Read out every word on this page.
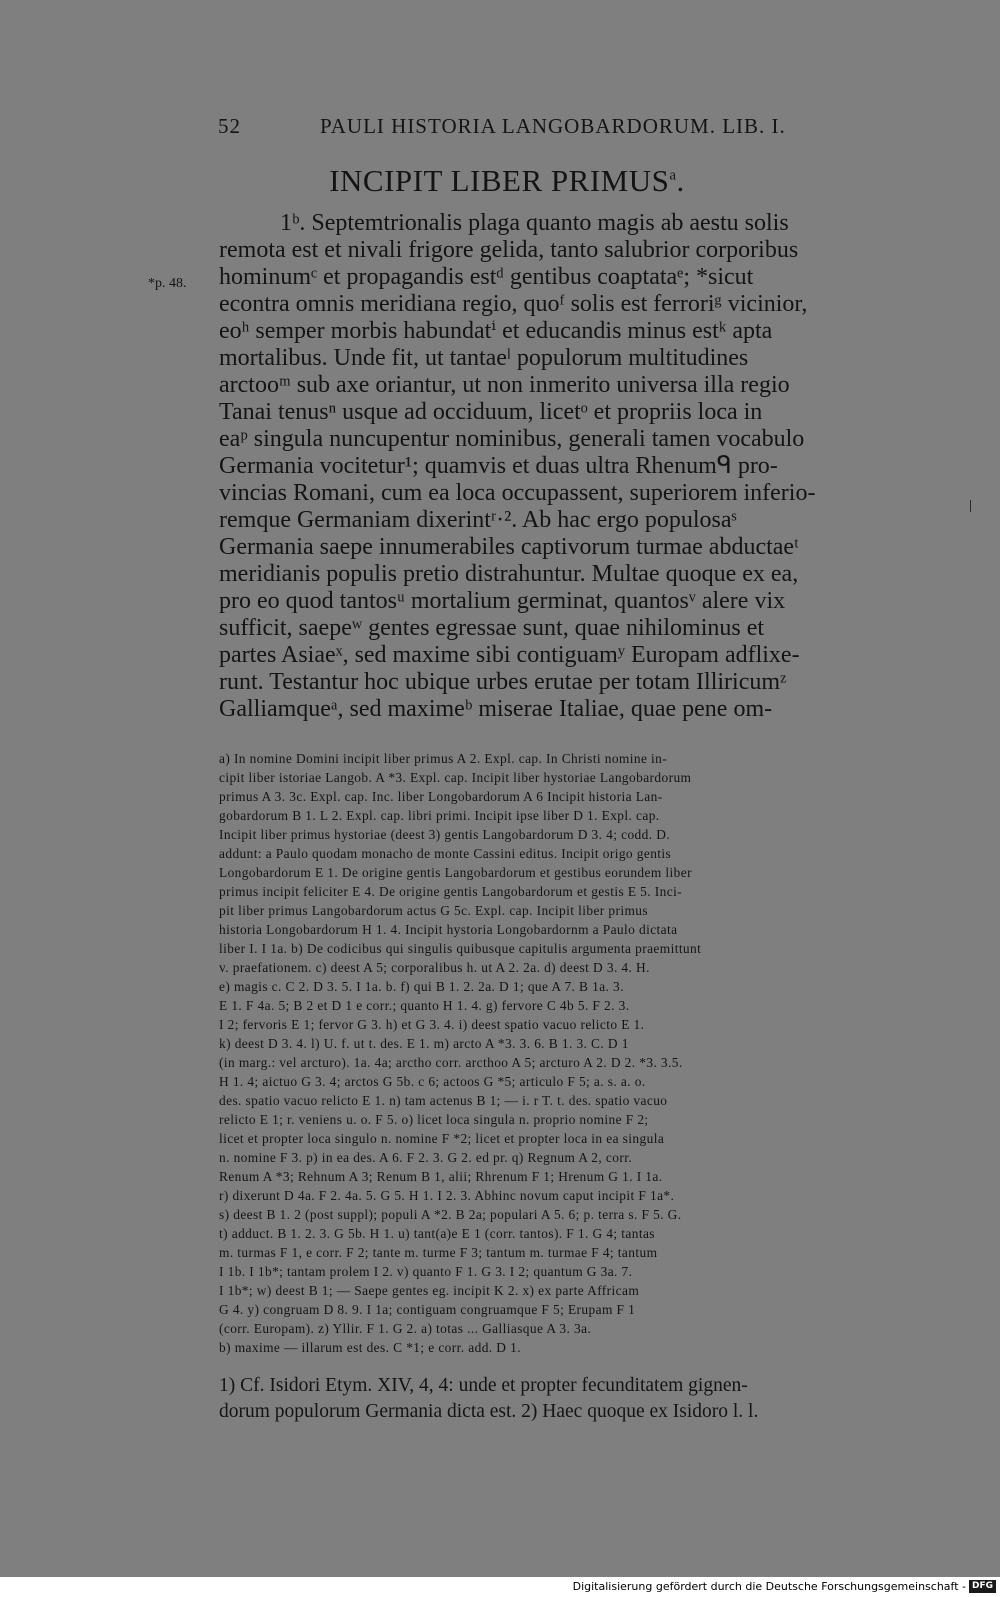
52	PAULI HISTORIA LANGOBARDORUM. LIB. I.
INCIPIT LIBER PRIMUS$^a$.
*p. 48.
1ᵇ. Septemtrionalis plaga quanto magis ab aestu solis
remota est et nivali frigore gelida, tanto salubrior corporibus
hominumᶜ et propagandis estᵈ gentibus coaptataᵉ; *sicut
econtra omnis meridiana regio, quoᶠ solis est ferroriᵍ vicinior,
eoʰ semper morbis habundatⁱ et educandis minus estᵏ apta
mortalibus. Unde fit, ut tantaeˡ populorum multitudines
arctooᵐ sub axe oriantur, ut non inmerito universa illa regio
Tanai tenusⁿ usque ad occiduum, licetᵒ et propriis loca in
eaᵖ singula nuncupentur nominibus, generali tamen vocabulo
Germania vocitetur¹; quamvis et duas ultra Rhenumᑫ pro-
vincias Romani, cum ea loca occupassent, superiorem inferio-
remque Germaniam dixerintʳ·². Ab hac ergo populosaˢ
Germania saepe innumerabiles captivorum turmae abductaeᵗ
meridianis populis pretio distrahuntur. Multae quoque ex ea,
pro eo quod tantosᵘ mortalium germinat, quantosᵛ alere vix
sufficit, saepeʷ gentes egressae sunt, quae nihilominus et
partes Asiaeˣ, sed maxime sibi contiguamʸ Europam adflixe-
runt. Testantur hoc ubique urbes erutae per totam Illiricumᶻ
Galliamqueᵃ, sed maximeᵇ miserae Italiae, quae pene om-
a) In nomine Domini incipit liber primus A 2. Expl. cap. In Christi nomine in-
cipit liber istoriae Langob. A *3. Expl. cap. Incipit liber hystoriae Langobardorum
primus A 3. 3c. Expl. cap. Inc. liber Longobardorum A 6 Incipit historia Lan-
gobardorum B 1. L 2. Expl. cap. libri primi. Incipit ipse liber D 1. Expl. cap.
Incipit liber primus hystoriae (deest 3) gentis Langobardorum D 3. 4; codd. D.
addunt: a Paulo quodam monacho de monte Cassini editus. Incipit origo gentis
Longobardorum E 1. De origine gentis Langobardorum et gestibus eorundem liber
primus incipit feliciter E 4. De origine gentis Langobardorum et gestis E 5. Inci-
pit liber primus Langobardorum actus G 5c. Expl. cap. Incipit liber primus
historia Longobardorum H 1. 4. Incipit hystoria Longobardornm a Paulo dictata
liber I. I 1a. b) De codicibus qui singulis quibusque capitulis argumenta praemittunt
v. praefationem. c) deest A 5; corporalibus h. ut A 2. 2a. d) deest D 3. 4. H.
e) magis c. C 2. D 3. 5. I 1a. b. f) qui B 1. 2. 2a. D 1; que A 7. B 1a. 3.
E 1. F 4a. 5; B 2 et D 1 e corr.; quanto H 1. 4. g) fervore C 4b 5. F 2. 3.
I 2; fervoris E 1; fervor G 3. h) et G 3. 4. i) deest spatio vacuo relicto E 1.
k) deest D 3. 4. l) U. f. ut t. des. E 1. m) arcto A *3. 3. 6. B 1. 3. C. D 1
(in marg.: vel arcturo). 1a. 4a; arctho corr. arcthoo A 5; arcturo A 2. D 2. *3. 3.5.
H 1. 4; aictuo G 3. 4; arctos G 5b. c 6; actoos G *5; articulo F 5; a. s. a. o.
des. spatio vacuo relicto E 1. n) tam actenus B 1; — i. r T. t. des. spatio vacuo
relicto E 1; r. veniens u. o. F 5. o) licet loca singula n. proprio nomine F 2;
licet et propter loca singulo n. nomine F *2; licet et propter loca in ea singula
n. nomine F 3. p) in ea des. A 6. F 2. 3. G 2. ed pr. q) Regnum A 2, corr.
Renum A *3; Rehnum A 3; Renum B 1, alii; Rhrenum F 1; Hrenum G 1. I 1a.
r) dixerunt D 4a. F 2. 4a. 5. G 5. H 1. I 2. 3. Abhinc novum caput incipit F 1a*.
s) deest B 1. 2 (post suppl); populi A *2. B 2a; populari A 5. 6; p. terra s. F 5. G.
t) adduct. B 1. 2. 3. G 5b. H 1. u) tant(a)e E 1 (corr. tantos). F 1. G 4; tantas
m. turmas F 1, e corr. F 2; tante m. turme F 3; tantum m. turmae F 4; tantum
I 1b. I 1b*; tantam prolem I 2. v) quanto F 1. G 3. I 2; quantum G 3a. 7.
I 1b*; w) deest B 1; — Saepe gentes eg. incipit K 2. x) ex parte Affricam
G 4. y) congruam D 8. 9. I 1a; contiguam congruamque F 5; Erupam F 1
(corr. Europam). z) Yllir. F 1. G 2. a) totas ... Galliasque A 3. 3a.
b) maxime — illarum est des. C *1; e corr. add. D 1.
1) Cf. Isidori Etym. XIV, 4, 4: unde et propter fecunditatem gignen-
dorum populorum Germania dicta est. 2) Haec quoque ex Isidoro l. l.
Digitalisierung gefördert durch die Deutsche Forschungsgemeinschaft - DFG
